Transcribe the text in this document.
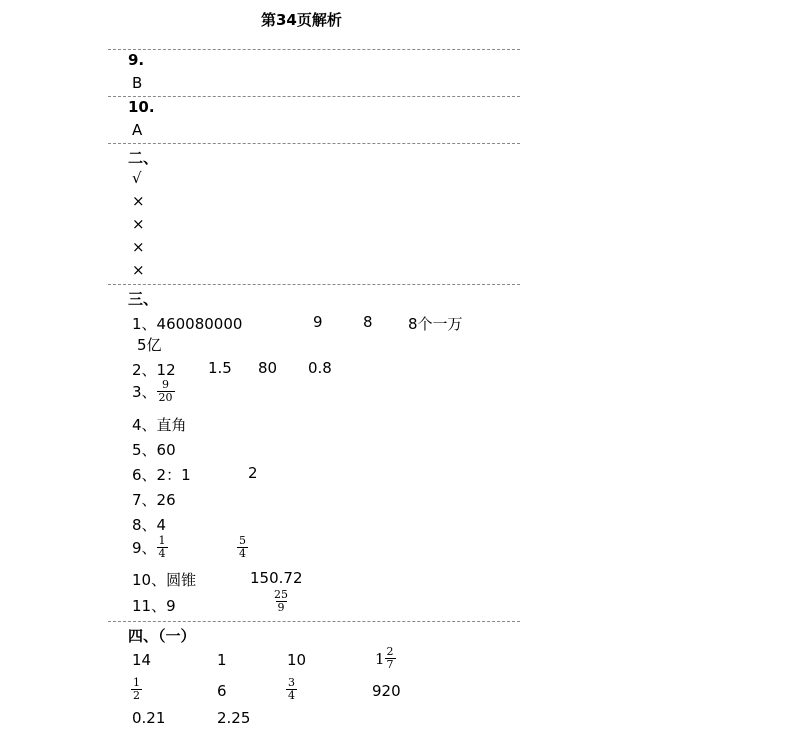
第34页解析
9.
B
10.
A
二、
√
×
×
×
×
三、
1、460080000	9	8 8个一万
5亿
2、12 1.5 80 0.8
3、 $\frac{9}{20}$
4、直角
5、60
6、2：1	2
7、26
8、4
9、 $\frac{1}{4}$	$\frac{5}{4}$
10、圆锥	150.72
11、9	$\frac{25}{9}$
四、（一）
14	1	10	$1 \frac{2}{7}$
$\frac{1}{2}$	6	$\frac{3}{4}$	920
0.21	2.25
